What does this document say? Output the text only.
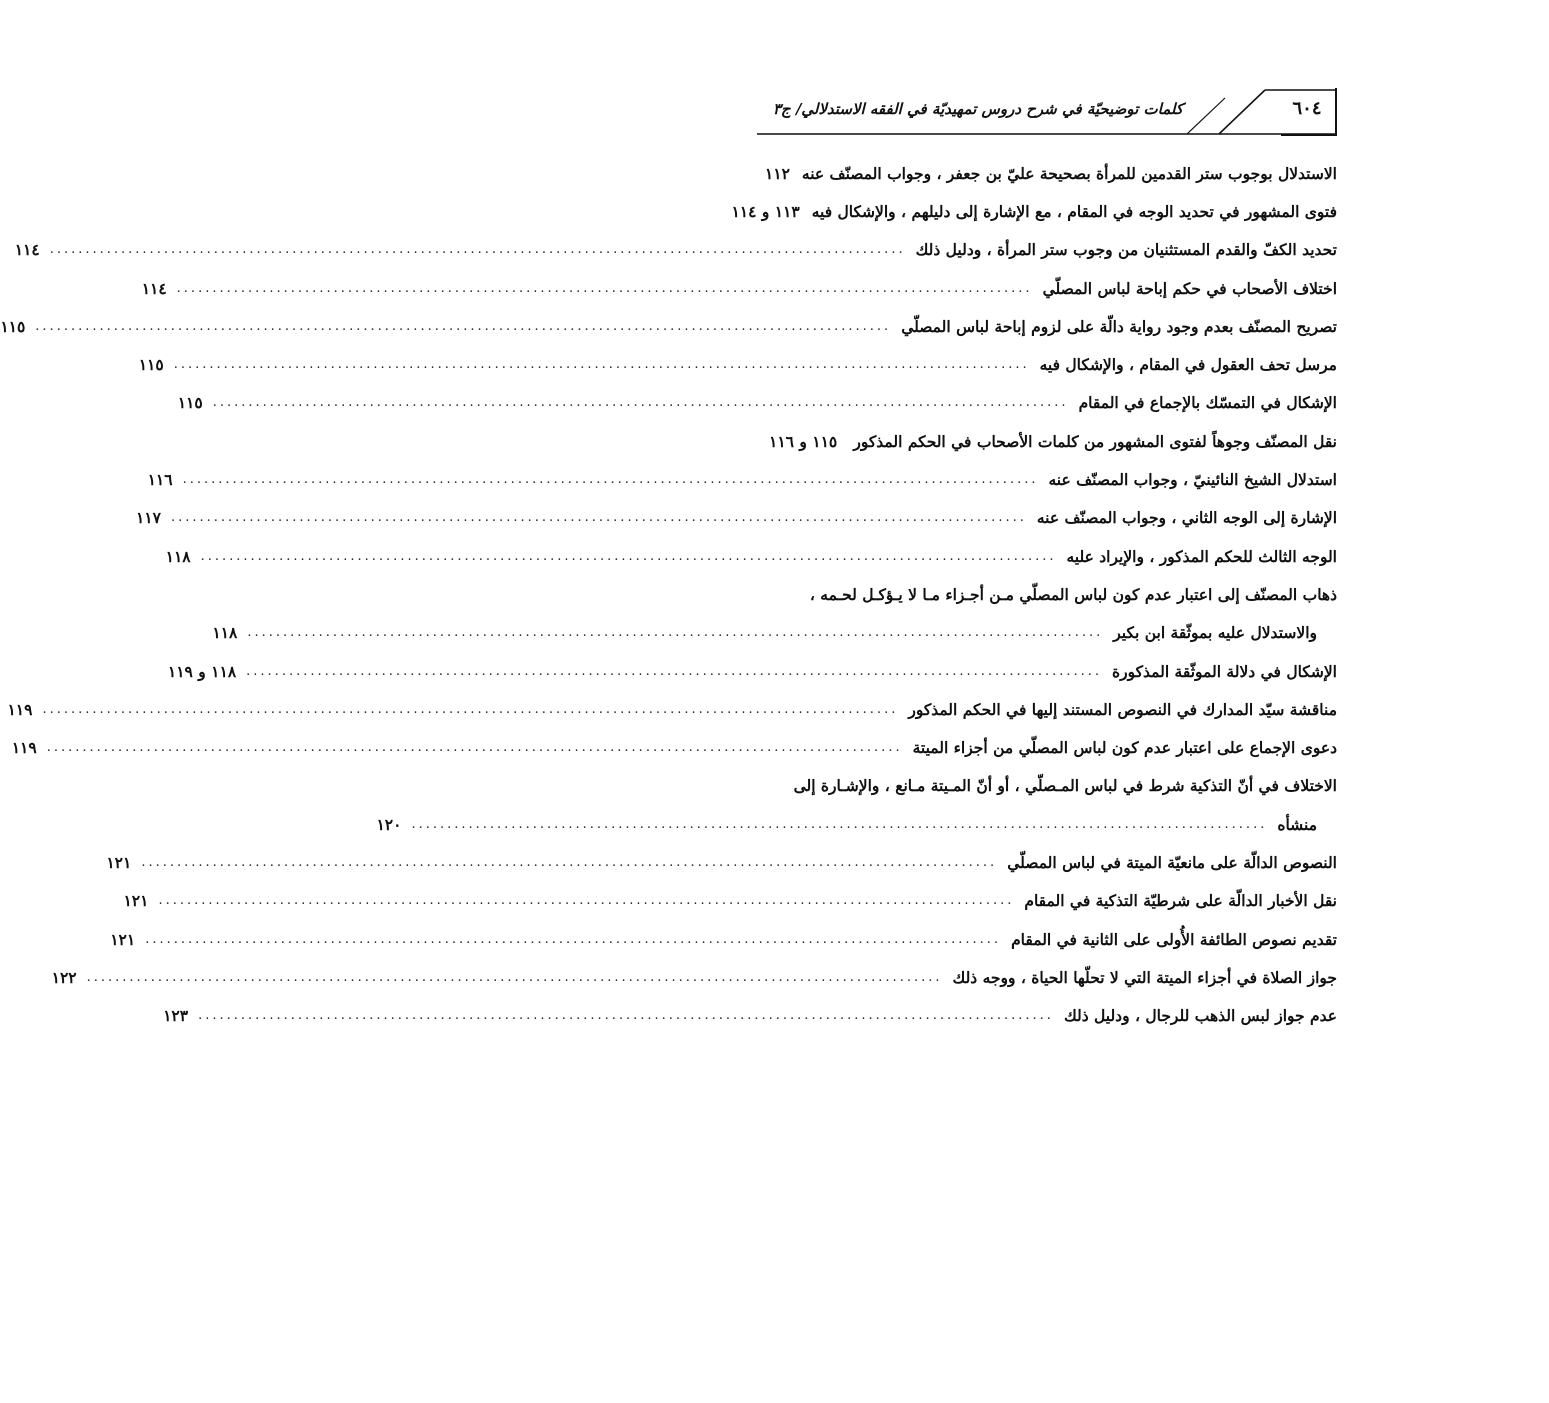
٦٠٤
كلمات توضيحيّة في شرح دروس تمهيديّة في الفقه الاستدلالي/ ج٣
الاستدلال بوجوب ستر القدمين للمرأة بصحيحة عليّ بن جعفر ، وجواب المصنّف عنه
١١٢
فتوى المشهور في تحديد الوجه في المقام ، مع الإشارة إلى دليلهم ، والإشكال فيه
١١٣ و ١١٤
تحديد الكفّ والقدم المستثنيان من وجوب ستر المرأة ، ودليل ذلك
........................................................................................................................
١١٤
اختلاف الأصحاب في حكم إباحة لباس المصلّي
........................................................................................................................
١١٤
تصريح المصنّف بعدم وجود رواية دالّة على لزوم إباحة لباس المصلّي
........................................................................................................................
١١٥
مرسل تحف العقول في المقام ، والإشكال فيه
........................................................................................................................
١١٥
الإشكال في التمسّك بالإجماع في المقام
........................................................................................................................
١١٥
نقل المصنّف وجوهاً لفتوى المشهور من كلمات الأصحاب في الحكم المذكور
١١٥ و ١١٦
استدلال الشيخ النائينيّ ، وجواب المصنّف عنه
........................................................................................................................
١١٦
الإشارة إلى الوجه الثاني ، وجواب المصنّف عنه
........................................................................................................................
١١٧
الوجه الثالث للحكم المذكور ، والإيراد عليه
........................................................................................................................
١١٨
ذهاب المصنّف إلى اعتبار عدم كون لباس المصلّي مـن أجـزاء مـا لا يـؤكـل لحـمه ،
والاستدلال عليه بموثّقة ابن بكير
........................................................................................................................
١١٨
الإشكال في دلالة الموثّقة المذكورة
........................................................................................................................
١١٨ و ١١٩
مناقشة سيّد المدارك في النصوص المستند إليها في الحكم المذكور
........................................................................................................................
١١٩
دعوى الإجماع على اعتبار عدم كون لباس المصلّي من أجزاء الميتة
........................................................................................................................
١١٩
الاختلاف في أنّ التذكية شرط في لباس المـصلّي ، أو أنّ المـيتة مـانع ، والإشـارة إلى
منشأه
........................................................................................................................
١٢٠
النصوص الدالّة على مانعيّة الميتة في لباس المصلّي
........................................................................................................................
١٢١
نقل الأخبار الدالّة على شرطيّة التذكية في المقام
........................................................................................................................
١٢١
تقديم نصوص الطائفة الأُولى على الثانية في المقام
........................................................................................................................
١٢١
جواز الصلاة في أجزاء الميتة التي لا تحلّها الحياة ، ووجه ذلك
........................................................................................................................
١٢٢
عدم جواز لبس الذهب للرجال ، ودليل ذلك
........................................................................................................................
١٢٣
